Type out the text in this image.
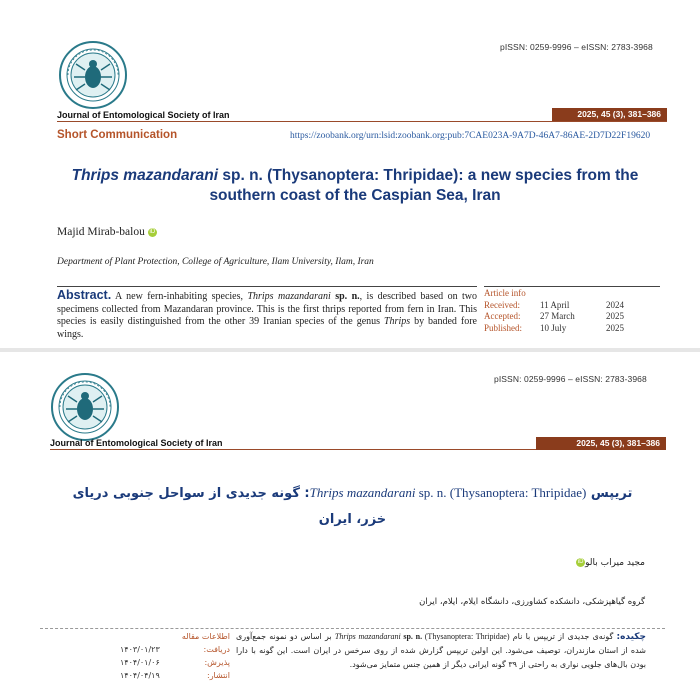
pISSN: 0259-9996 – eISSN: 2783-3968
Journal of Entomological Society of Iran	2025, 45 (3), 381–386
Short Communication	https://zoobank.org/urn:lsid:zoobank.org:pub:7CAE023A-9A7D-46A7-86AE-2D7D22F19620
Thrips mazandarani sp. n. (Thysanoptera: Thripidae): a new species from the
southern coast of the Caspian Sea, Iran
Majid Mirab-balou iD
Department of Plant Protection, College of Agriculture, Ilam University, Ilam, Iran
Abstract. A new fern-inhabiting species, Thrips mazandarani sp. n., is described based on two specimens collected from Mazandaran province. This is the first thrips reported from fern in Iran. This species is easily distinguished from the other 39 Iranian species of the genus Thrips by banded fore wings.
Article info
Received:	11 April	2024
Accepted:	27 March	2025
Published:	10 July	2025
pISSN: 0259-9996 – eISSN: 2783-3968
Journal of Entomological Society of Iran	2025, 45 (3), 381–386
تریپس Thrips mazandarani sp. n. (Thysanoptera: Thripidae): گونه جدیدی از سواحل جنوبی دریای
خزر، ایران
مجید میراب بالوiD
گروه گیاهپزشکی، دانشکده کشاورزی، دانشگاه ایلام، ایلام، ایران
چکیده: گونه‌ی جدیدی از تریپس با نام Thrips mazandarani sp. n. (Thysanoptera: Thripidae) بر اساس دو نمونه جمع‌آوری شده از استان مازندران، توصیف می‌شود. این اولین تریپس گزارش شده از روی سرخس در ایران است. این گونه با دارا بودن بال‌های جلویی نواری به راحتی از ۳۹ گونه ایرانی دیگر از همین جنس متمایز می‌شود.
اطلاعات مقاله
دریافت:
۱۴۰۳/۰۱/۲۳
پذیرش:
۱۴۰۴/۰۱/۰۶
انتشار:
۱۴۰۴/۰۴/۱۹
